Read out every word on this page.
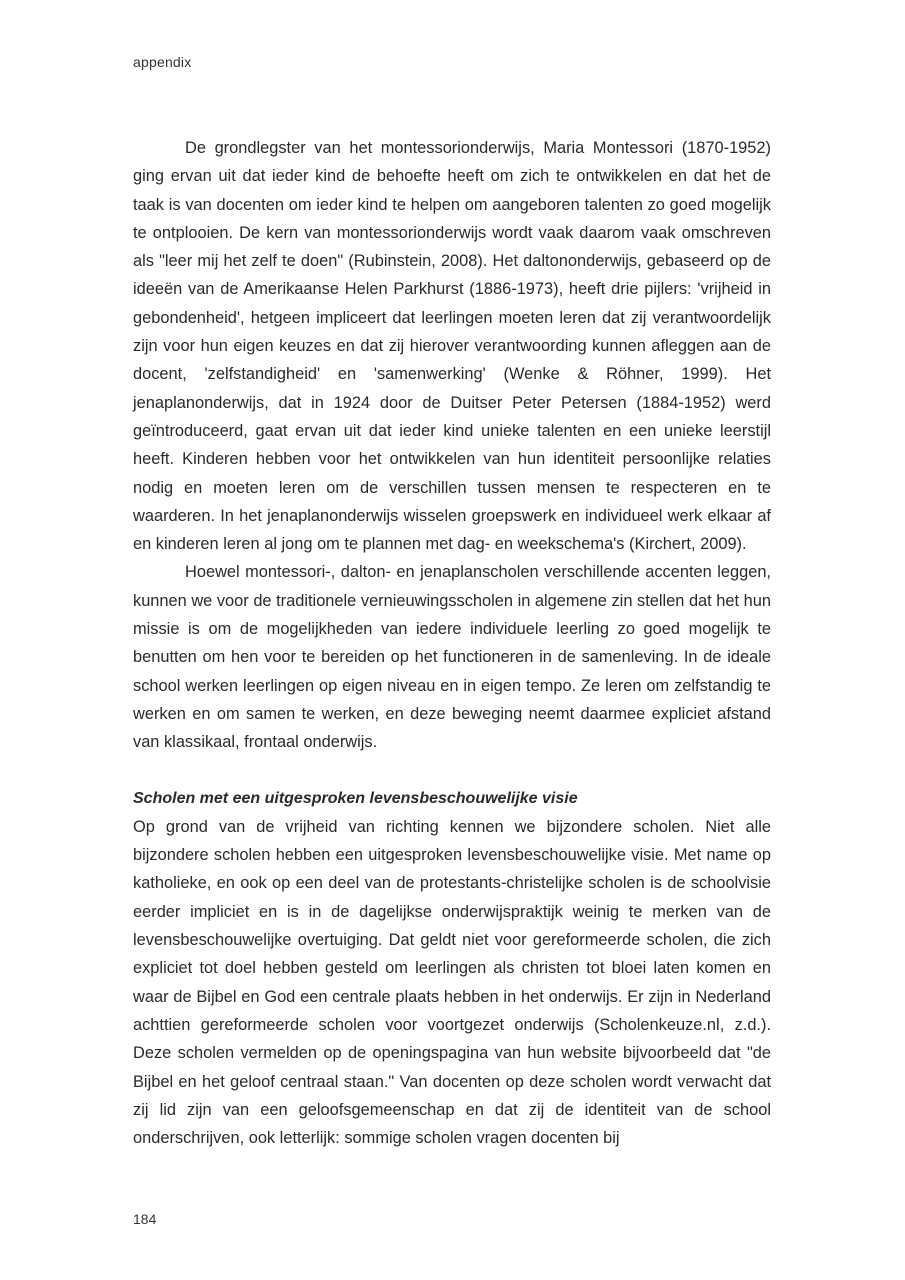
appendix

De grondlegster van het montessorionderwijs, Maria Montessori (1870-1952) ging ervan uit dat ieder kind de behoefte heeft om zich te ontwikkelen en dat het de taak is van docenten om ieder kind te helpen om aangeboren talenten zo goed mogelijk te ontplooien. De kern van montessorionderwijs wordt vaak daarom vaak omschreven als "leer mij het zelf te doen" (Rubinstein, 2008). Het daltononderwijs, gebaseerd op de ideeën van de Amerikaanse Helen Parkhurst (1886-1973), heeft drie pijlers: 'vrijheid in gebondenheid', hetgeen impliceert dat leerlingen moeten leren dat zij verantwoordelijk zijn voor hun eigen keuzes en dat zij hierover verantwoording kunnen afleggen aan de docent, 'zelfstandigheid' en 'samenwerking' (Wenke & Röhner, 1999). Het jenaplanonderwijs, dat in 1924 door de Duitser Peter Petersen (1884-1952) werd geïntroduceerd, gaat ervan uit dat ieder kind unieke talenten en een unieke leerstijl heeft. Kinderen hebben voor het ontwikkelen van hun identiteit persoonlijke relaties nodig en moeten leren om de verschillen tussen mensen te respecteren en te waarderen. In het jenaplanonderwijs wisselen groepswerk en individueel werk elkaar af en kinderen leren al jong om te plannen met dag- en weekschema's (Kirchert, 2009).

Hoewel montessori-, dalton- en jenaplanscholen verschillende accenten leggen, kunnen we voor de traditionele vernieuwingsscholen in algemene zin stellen dat het hun missie is om de mogelijkheden van iedere individuele leerling zo goed mogelijk te benutten om hen voor te bereiden op het functioneren in de samenleving. In de ideale school werken leerlingen op eigen niveau en in eigen tempo. Ze leren om zelfstandig te werken en om samen te werken, en deze beweging neemt daarmee expliciet afstand van klassikaal, frontaal onderwijs.

Scholen met een uitgesproken levensbeschouwelijke visie

Op grond van de vrijheid van richting kennen we bijzondere scholen. Niet alle bijzondere scholen hebben een uitgesproken levensbeschouwelijke visie. Met name op katholieke, en ook op een deel van de protestants-christelijke scholen is de schoolvisie eerder impliciet en is in de dagelijkse onderwijspraktijk weinig te merken van de levensbeschouwelijke overtuiging. Dat geldt niet voor gereformeerde scholen, die zich expliciet tot doel hebben gesteld om leerlingen als christen tot bloei laten komen en waar de Bijbel en God een centrale plaats hebben in het onderwijs. Er zijn in Nederland achttien gereformeerde scholen voor voortgezet onderwijs (Scholenkeuze.nl, z.d.). Deze scholen vermelden op de openingspagina van hun website bijvoorbeeld dat "de Bijbel en het geloof centraal staan." Van docenten op deze scholen wordt verwacht dat zij lid zijn van een geloofsgemeenschap en dat zij de identiteit van de school onderschrijven, ook letterlijk: sommige scholen vragen docenten bij

184
